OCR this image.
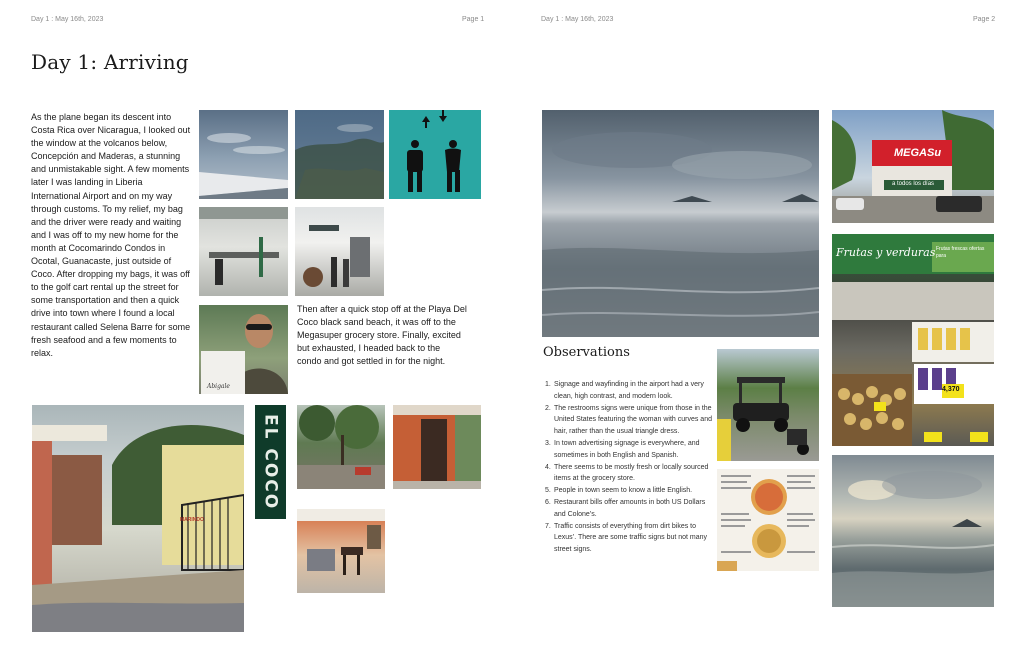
Day 1 : May 16th, 2023	Page 1	Day 1 : May 16th, 2023	Page 2
Day 1: Arriving

As the plane began its descent into Costa Rica over Nicaragua, I looked out the window at the volcanos below, Concepción and Maderas, a stunning and unmistakable sight. A few moments later I was landing in Liberia International Airport and on my way through customs. To my relief, my bag and the driver were ready and waiting and I was off to my new home for the month at Cocomarindo Condos in Ocotal, Guanacaste, just outside of Coco. After dropping my bags, it was off to the golf cart rental up the street for some transportation and then a quick drive into town where I found a local restaurant called Selena Barre for some fresh seafood and a few moments to relax.

Abigale

Then after a quick stop off at the Playa Del Coco black sand beach, it was off to the Megasuper grocery store. Finally, excited but exhausted, I headed back to the condo and got settled in for the night.

MARINDO
EL COCO
MEGASu
a todos los días
Frutas y verduras Frutas frescas ofertas para
4,370
Observations
1. Signage and wayfinding in the airport had a very clean, high contrast, and modern look.
2. The restrooms signs were unique from those in the United States featuring the woman with curves and hair, rather than the usual triangle dress.
3. In town advertising signage is everywhere, and sometimes in both English and Spanish.
4. There seems to be mostly fresh or locally sourced items at the grocery store.
5. People in town seem to know a little English.
6. Restaurant bills offer amounts in both US Dollars and Colone’s.
7. Traffic consists of everything from dirt bikes to Lexus’. There are some traffic signs but not many street signs.
